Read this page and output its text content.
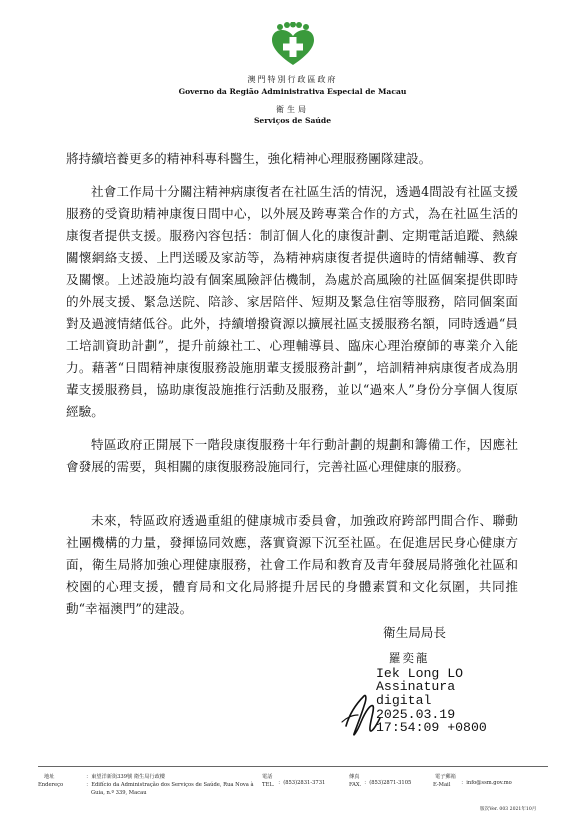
澳門特別行政區政府
Governo da Região Administrativa Especial de Macau
衛生局
Serviços de Saúde

將持續培養更多的精神科專科醫生，強化精神心理服務團隊建設。

社會工作局十分關注精神病康復者在社區生活的情況，透過4間設有社區支援服務的受資助精神康復日間中心，以外展及跨專業合作的方式，為在社區生活的康復者提供支援。服務內容包括：制訂個人化的康復計劃、定期電話追蹤、熱線關懷網絡支援、上門送暖及家訪等，為精神病康復者提供適時的情緒輔導、教育及關懷。上述設施均設有個案風險評估機制，為處於高風險的社區個案提供即時的外展支援、緊急送院、陪診、家居陪伴、短期及緊急住宿等服務，陪同個案面對及過渡情緒低谷。此外，持續增撥資源以擴展社區支援服務名額，同時透過“員工培訓資助計劃”，提升前線社工、心理輔導員、臨床心理治療師的專業介入能力。藉著“日間精神康復服務設施朋輩支援服務計劃”，培訓精神病康復者成為朋輩支援服務員，協助康復設施推行活動及服務，並以“過來人”身份分享個人復原經驗。

特區政府正開展下一階段康復服務十年行動計劃的規劃和籌備工作，因應社會發展的需要，與相關的康復服務設施同行，完善社區心理健康的服務。

未來，特區政府透過重組的健康城市委員會，加強政府跨部門間合作、聯動社團機構的力量，發揮協同效應，落實資源下沉至社區。在促進居民身心健康方面，衛生局將加強心理健康服務，社會工作局和教育及青年發展局將強化社區和校園的心理支援，體育局和文化局將提升居民的身體素質和文化氛圍，共同推動“幸福澳門”的建設。

衛生局局長
羅奕龍
Iek Long LO
Assinatura
digital
2025.03.19
17:54:09 +0800
地址
Endereço
：東望洋新街339號 衛生局行政樓
：Edifício da Administração dos Serviços de Saúde, Rua Nova à
Guia, n.º 339, Macau
電話
TEL. ：(853)2831-3731
傳真
FAX. ：(853)2871-3105
電子郵箱
E-Mail ：info@ssm.gov.mo
版次Ver. 003 2021年10月
